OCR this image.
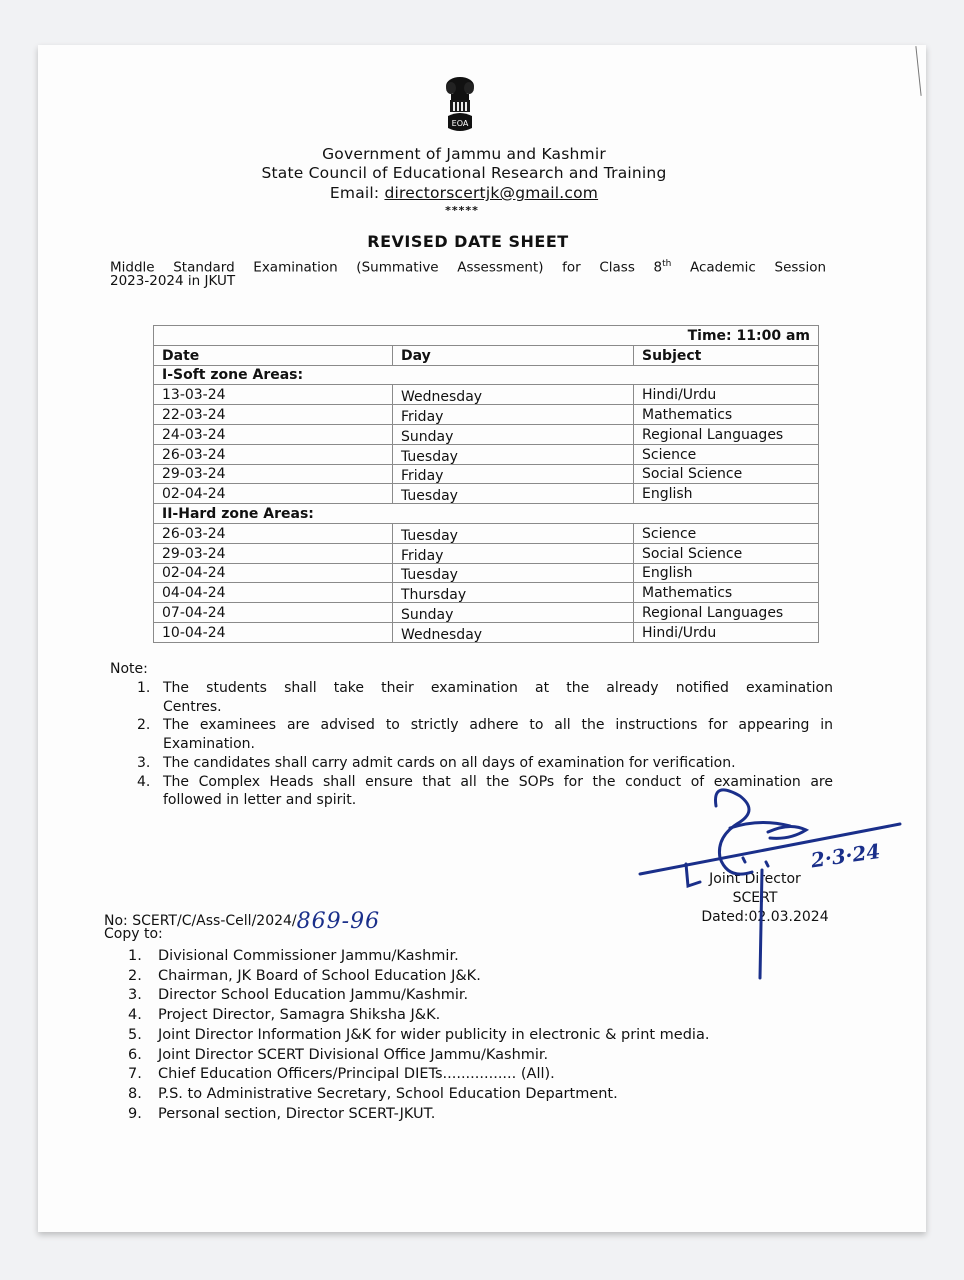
EOA
Government of Jammu and Kashmir
State Council of Educational Research and Training
Email: directorscertjk@gmail.com
*****
REVISED DATE SHEET
Middle Standard Examination (Summative Assessment) for Class 8th Academic Session
2023-2024 in JKUT
Time: 11:00 am		
Date	Day	Subject
I-Soft zone Areas:		
13-03-24	Wednesday	Hindi/Urdu
22-03-24	Friday	Mathematics
24-03-24	Sunday	Regional Languages
26-03-24	Tuesday	Science
29-03-24	Friday	Social Science
02-04-24	Tuesday	English
II-Hard zone Areas:		
26-03-24	Tuesday	Science
29-03-24	Friday	Social Science
02-04-24	Tuesday	English
04-04-24	Thursday	Mathematics
07-04-24	Sunday	Regional Languages
10-04-24	Wednesday	Hindi/Urdu
Note:
1. The students shall take their examination at the already notified examination
Centres.
2. The examinees are advised to strictly adhere to all the instructions for appearing in
Examination.
3. The candidates shall carry admit cards on all days of examination for verification.
4. The Complex Heads shall ensure that all the SOPs for the conduct of examination are
followed in letter and spirit.
Joint Director
SCERT
Dated:02.03.2024
No: SCERT/C/Ass-Cell/2024/869-96
Copy to:
1. Divisional Commissioner Jammu/Kashmir.
2. Chairman, JK Board of School Education J&K.
3. Director School Education Jammu/Kashmir.
4. Project Director, Samagra Shiksha J&K.
5. Joint Director Information J&K for wider publicity in electronic & print media.
6. Joint Director SCERT Divisional Office Jammu/Kashmir.
7. Chief Education Officers/Principal DIETs................ (All).
8. P.S. to Administrative Secretary, School Education Department.
9. Personal section, Director SCERT-JKUT.
2·3·24
